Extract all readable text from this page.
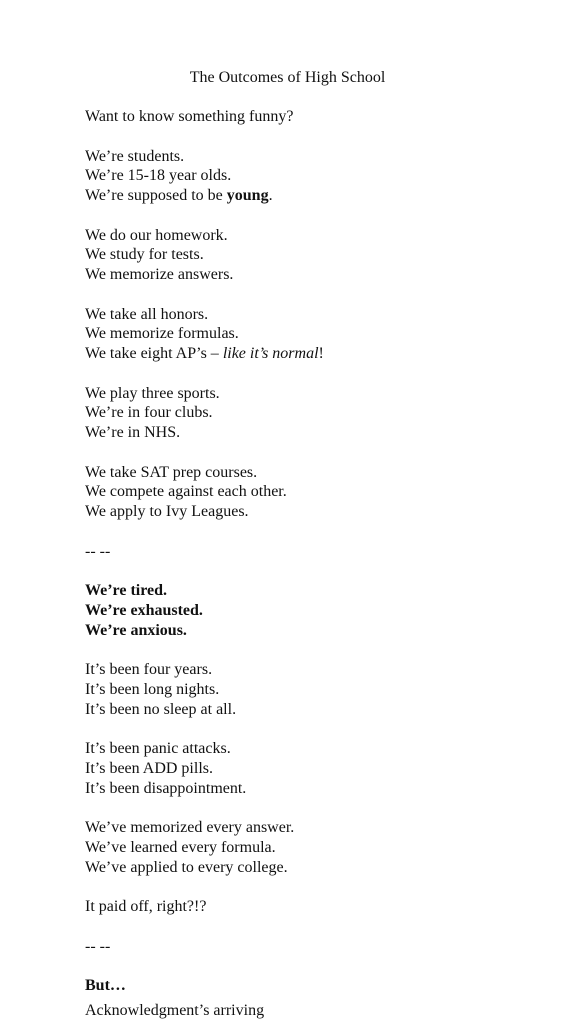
The Outcomes of High School
Want to know something funny?
We’re students.
We’re 15-18 year olds.
We’re supposed to be young.
We do our homework.
We study for tests.
We memorize answers.
We take all honors.
We memorize formulas.
We take eight AP’s – like it’s normal!
We play three sports.
We’re in four clubs.
We’re in NHS.
We take SAT prep courses.
We compete against each other.
We apply to Ivy Leagues.
-- --
We’re tired.
We’re exhausted.
We’re anxious.
It’s been four years.
It’s been long nights.
It’s been no sleep at all.
It’s been panic attacks.
It’s been ADD pills.
It’s been disappointment.
We’ve memorized every answer.
We’ve learned every formula.
We’ve applied to every college.
It paid off, right?!?
-- --
But…
Acknowledgment’s arriving
